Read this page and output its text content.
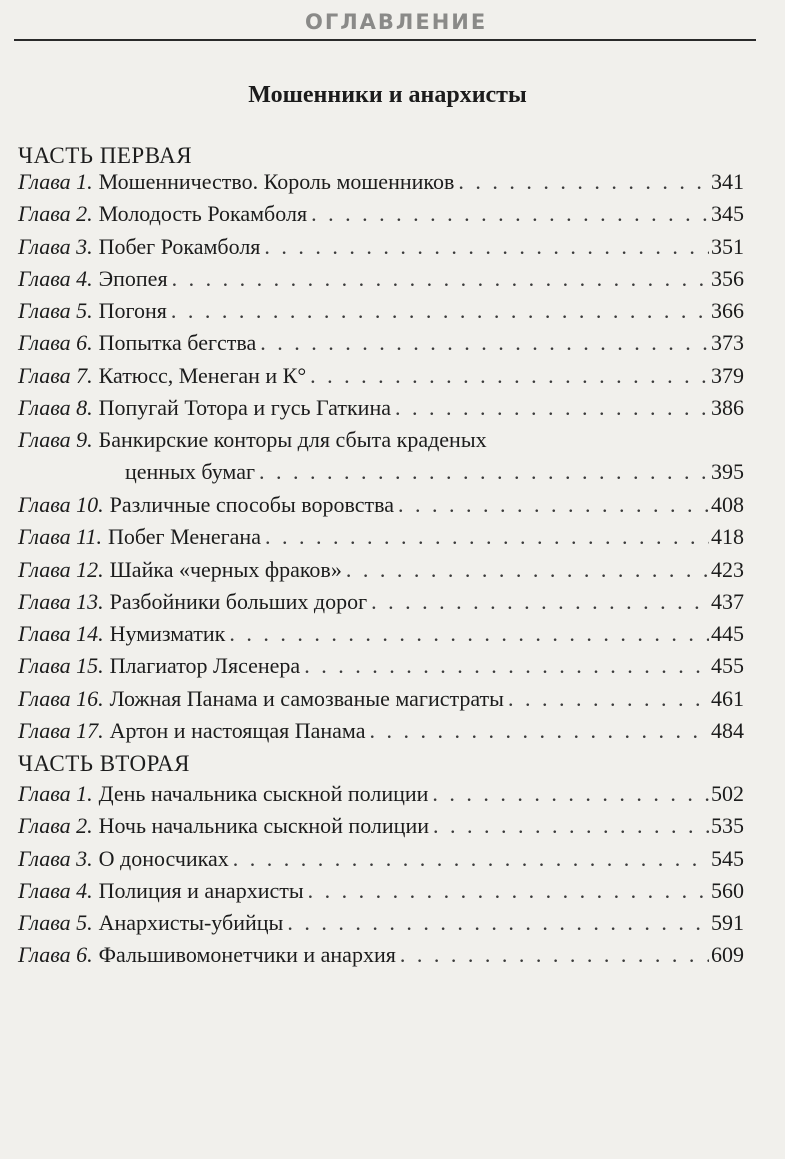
ОГЛАВЛЕНИЕ
Мошенники и анархисты
ЧАСТЬ ПЕРВАЯ
Глава 1. Мошенничество. Король мошенников . . .	341
Глава 2. Молодость Рокамболя . . .	345
Глава 3. Побег Рокамболя . . .	351
Глава 4. Эпопея . . .	356
Глава 5. Погоня . . .	366
Глава 6. Попытка бегства . . .	373
Глава 7. Катюсс, Менеган и К° . . .	379
Глава 8. Попугай Тотора и гусь Гаткина . . .	386
Глава 9. Банкирские конторы для сбыта краденых
ценных бумаг . . .	395
Глава 10. Различные способы воровства . . .	408
Глава 11. Побег Менегана . . .	418
Глава 12. Шайка «черных фраков» . . .	423
Глава 13. Разбойники больших дорог . . .	437
Глава 14. Нумизматик . . .	445
Глава 15. Плагиатор Лясенера . . .	455
Глава 16. Ложная Панама и самозваные магистраты . . .	461
Глава 17. Артон и настоящая Панама . . .	484
ЧАСТЬ ВТОРАЯ
Глава 1. День начальника сыскной полиции . . .	502
Глава 2. Ночь начальника сыскной полиции . . .	535
Глава 3. О доносчиках . . .	545
Глава 4. Полиция и анархисты . . .	560
Глава 5. Анархисты-убийцы . . .	591
Глава 6. Фальшивомонетчики и анархия . . .	609
